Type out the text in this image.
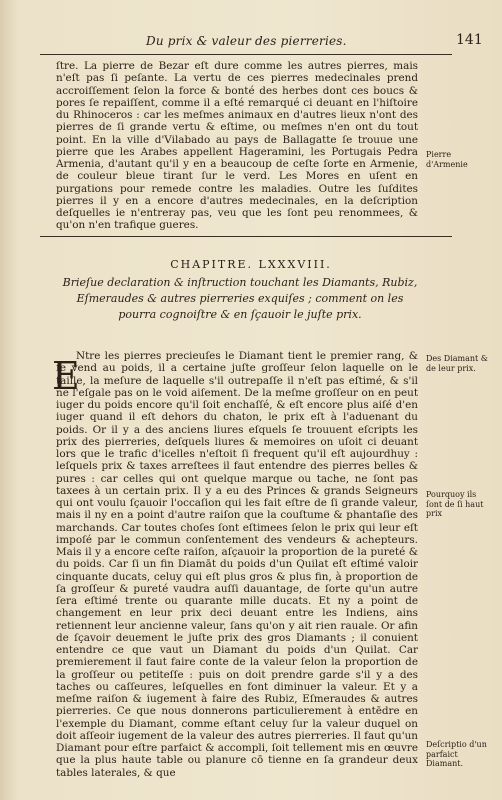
Du prix & valeur des pierreries.	141

ſtre. La pierre de Bezar eſt dure comme les autres pierres, mais n'eſt pas ſi peſante. La vertu de ces pierres medecinales prend accroiſſement ſelon la force & bonté des herbes dont ces boucs & pores ſe repaiſſent, comme il a eſté remarqué ci deuant en l'hiſtoire du Rhinoceros : car les meſmes animaux en d'autres lieux n'ont des pierres de ſi grande vertu & eſtime, ou meſmes n'en ont du tout point. En la ville d'Vilabado au pays de Ballagatte ſe trouue une pierre que les Arabes appellent Hageramini, les Portugais Pedra Armenia, d'autant qu'il y en a beaucoup de ceſte ſorte en Armenie, de couleur bleue tirant ſur le verd. Les Mores en uſent en purgations pour remede contre les maladies. Outre les ſuſdites pierres il y en a encore d'autres medecinales, en la deſcription deſquelles ie n'entreray pas, veu que les ſont peu renommees, & qu'on n'en trafique gueres.

Pierre d'Armenie
CHAPITRE. LXXXVIII.
Brieſue declaration & inſtruction touchant les Diamants, Rubiz, Eſmeraudes & autres pierreries exquiſes ; comment on les pourra cognoiſtre & en ſçauoir le juſte prix.
E

Ntre les pierres precieuſes le Diamant tient le premier rang, & ſe vend au poids, il a certaine juſte groſſeur ſelon laquelle on le taille, la meſure de laquelle s'il outrepaſſe il n'eſt pas eſtimé, & s'il ne l'eſgale pas on le void aiſement. De la meſme groſſeur on en peut iuger du poids encore qu'il ſoit enchaſſé, & eſt encore plus aiſé d'en iuger quand il eſt dehors du chaton, le prix eſt à l'aduenant du poids. Or il y a des anciens liures eſquels ſe trouuent eſcripts les prix des pierreries, deſquels liures & memoires on uſoit ci deuant lors que le trafic d'icelles n'eſtoit ſi frequent qu'il eſt aujourdhuy : leſquels prix & taxes arreſtees il faut entendre des pierres belles & pures : car celles qui ont quelque marque ou tache, ne ſont pas taxees à un certain prix. Il y a eu des Princes & grands Seigneurs qui ont voulu ſçauoir l'occaſion qui les fait eſtre de ſi grande valeur, mais il ny en a point d'autre raiſon que la couſtume & phantaſie des marchands. Car toutes choſes ſont eſtimees ſelon le prix qui leur eſt impoſé par le commun conſentement des vendeurs & achepteurs. Mais il y a encore ceſte raiſon, aſçauoir la proportion de la pureté & du poids. Car ſi un fin Diamāt du poids d'un Quilat eſt eſtimé valoir cinquante ducats, celuy qui eſt plus gros & plus fin, à proportion de ſa groſſeur & pureté vaudra auſſi dauantage, de ſorte qu'un autre ſera eſtimé trente ou quarante mille ducats. Et ny a point de changement en leur prix deci deuant entre les Indiens, ains retiennent leur ancienne valeur, ſans qu'on y ait rien rauale. Or afin de ſçavoir deuement le juſte prix des gros Diamants ; il conuient entendre ce que vaut un Diamant du poids d'un Quilat. Car premierement il faut faire conte de la valeur ſelon la proportion de la groſſeur ou petiteſſe : puis on doit prendre garde s'il y a des taches ou caſſeures, leſquelles en font diminuer la valeur. Et y a meſme raiſon & iugement à faire des Rubiz, Eſmeraudes & autres pierreries. Ce que nous donnerons particulierement à entēdre en l'exemple du Diamant, comme eſtant celuy ſur la valeur duquel on doit aſſeoir iugement de la valeur des autres pierreries. Il faut qu'un Diamant pour eſtre parfaict & accompli, ſoit tellement mis en œuvre que la plus haute table ou planure cō tienne en ſa grandeur deux tables laterales, & que

Des Diamant & de leur prix.
Pourquoy ils ſont de ſi haut prix
Deſcriptio d'un parfaict Diamant.
